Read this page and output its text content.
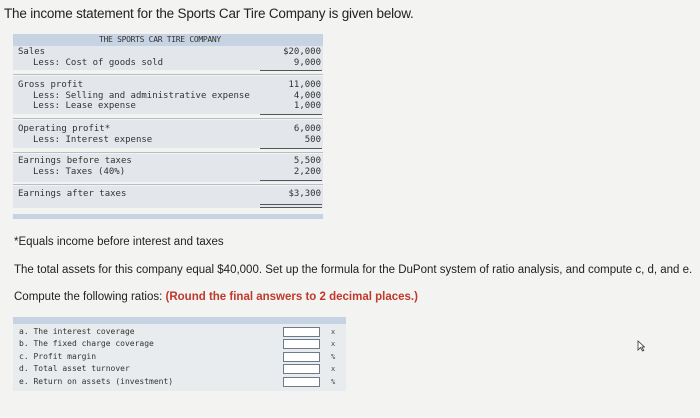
The income statement for the Sports Car Tire Company is given below.
THE SPORTS CAR TIRE COMPANY
Sales	$20,000
Less: Cost of goods sold	9,000
Gross profit	11,000
Less: Selling and administrative expense	4,000
Less: Lease expense	1,000
Operating profit*	6,000
Less: Interest expense	500
Earnings before taxes	5,500
Less: Taxes (40%)	2,200
Earnings after taxes	$3,300
*Equals income before interest and taxes
The total assets for this company equal $40,000. Set up the formula for the DuPont system of ratio analysis, and compute c, d, and e.
Compute the following ratios: (Round the final answers to 2 decimal places.)
a. The interest coverage	x
b. The fixed charge coverage	x
c. Profit margin	%
d. Total asset turnover	x
e. Return on assets (investment)	%
